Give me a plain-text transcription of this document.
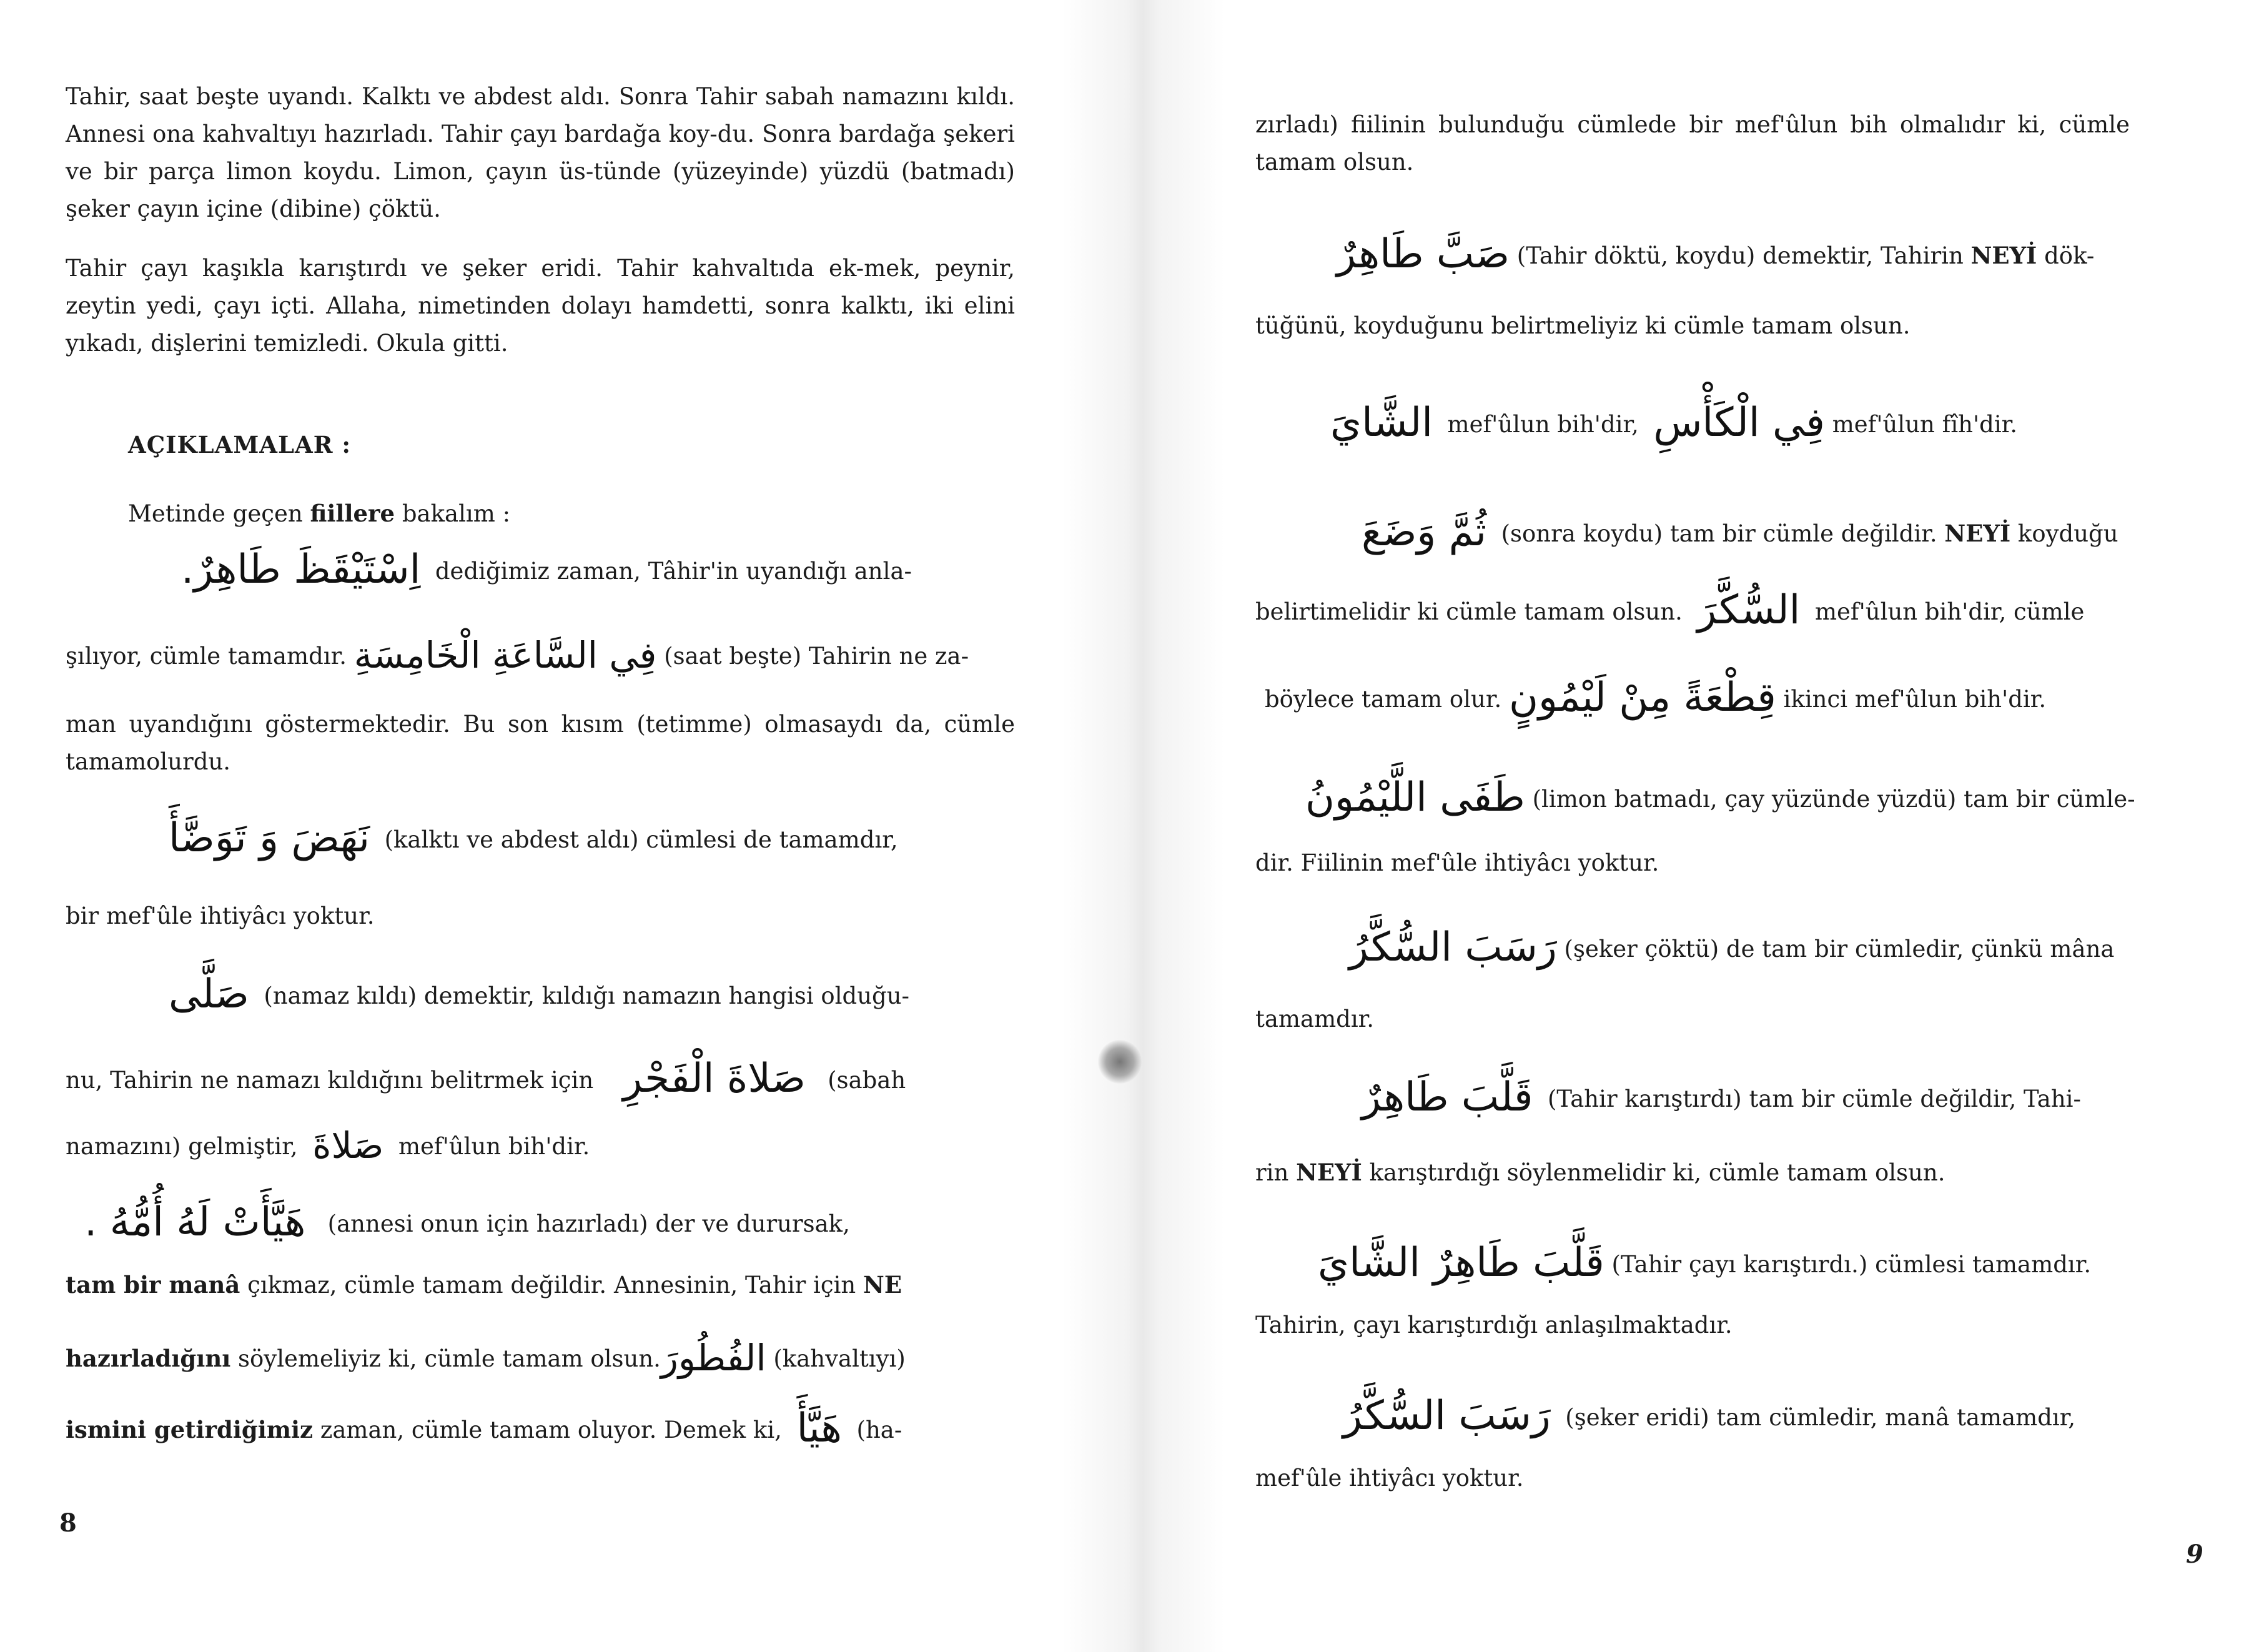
Tahir, saat beşte uyandı. Kalktı ve abdest aldı. Sonra Tahir sabah namazını kıldı. Annesi ona kahvaltıyı hazırladı. Tahir çayı bardağa koy-du. Sonra bardağa şekeri ve bir parça limon koydu. Limon, çayın üs-tünde (yüzeyinde) yüzdü (batmadı) şeker çayın içine (dibine) çöktü.
Tahir çayı kaşıkla karıştırdı ve şeker eridi. Tahir kahvaltıda ek-mek, peynir, zeytin yedi, çayı içti. Allaha, nimetinden dolayı hamdetti, sonra kalktı, iki elini yıkadı, dişlerini temizledi. Okula gitti.
AÇIKLAMALAR :
Metinde geçen fiillere bakalım :
اِسْتَيْقَظَ طَاهِرٌ. dediğimiz zaman, Tâhir'in uyandığı anla-
şılıyor, cümle tamamdır. فِي السَّاعَةِ الْخَامِسَةِ (saat beşte) Tahirin ne za-
man uyandığını göstermektedir. Bu son kısım (tetimme) olmasaydı da, cümle tamamolurdu.
نَهَضَ وَ تَوَضَّأَ (kalktı ve abdest aldı) cümlesi de tamamdır,
bir mef'ûle ihtiyâcı yoktur.
صَلَّى (namaz kıldı) demektir, kıldığı namazın hangisi olduğu-
nu, Tahirin ne namazı kıldığını belitrmek için صَلاةَ الْفَجْرِ (sabah
namazını) gelmiştir, صَلاةَ mef'ûlun bih'dir.
هَيَّأَتْ لَهُ أُمُّهُ . (annesi onun için hazırladı) der ve durursak,
tam bir manâ çıkmaz, cümle tamam değildir. Annesinin, Tahir için NE
hazırladığını söylemeliyiz ki, cümle tamam olsun.الفُطُورَ (kahvaltıyı)
ismini getirdiğimiz zaman, cümle tamam oluyor. Demek ki, هَيَّأَ (ha-
8
zırladı) fiilinin bulunduğu cümlede bir mef'ûlun bih olmalıdır ki, cümle tamam olsun.
صَبَّ طَاهِرٌ (Tahir döktü, koydu) demektir, Tahirin NEYİ dök-
tüğünü, koyduğunu belirtmeliyiz ki cümle tamam olsun.
الشَّايَ mef'ûlun bih'dir, فِي الْكَأْسِ mef'ûlun fîh'dir.
ثُمَّ وَضَعَ (sonra koydu) tam bir cümle değildir. NEYİ koyduğu
belirtimelidir ki cümle tamam olsun. السُّكَّرَ mef'ûlun bih'dir, cümle
böylece tamam olur. قِطْعَةً مِنْ لَيْمُونٍ ikinci mef'ûlun bih'dir.
طَفَى اللَّيْمُونُ (limon batmadı, çay yüzünde yüzdü) tam bir cümle-
dir. Fiilinin mef'ûle ihtiyâcı yoktur.
رَسَبَ السُّكَّرُ (şeker çöktü) de tam bir cümledir, çünkü mâna
tamamdır.
قَلَّبَ طَاهِرٌ (Tahir karıştırdı) tam bir cümle değildir, Tahi-
rin NEYİ karıştırdığı söylenmelidir ki, cümle tamam olsun.
قَلَّبَ طَاهِرٌ الشَّايَ (Tahir çayı karıştırdı.) cümlesi tamamdır.
Tahirin, çayı karıştırdığı anlaşılmaktadır.
رَسَبَ السُّكَّرُ (şeker eridi) tam cümledir, manâ tamamdır,
mef'ûle ihtiyâcı yoktur.
9
